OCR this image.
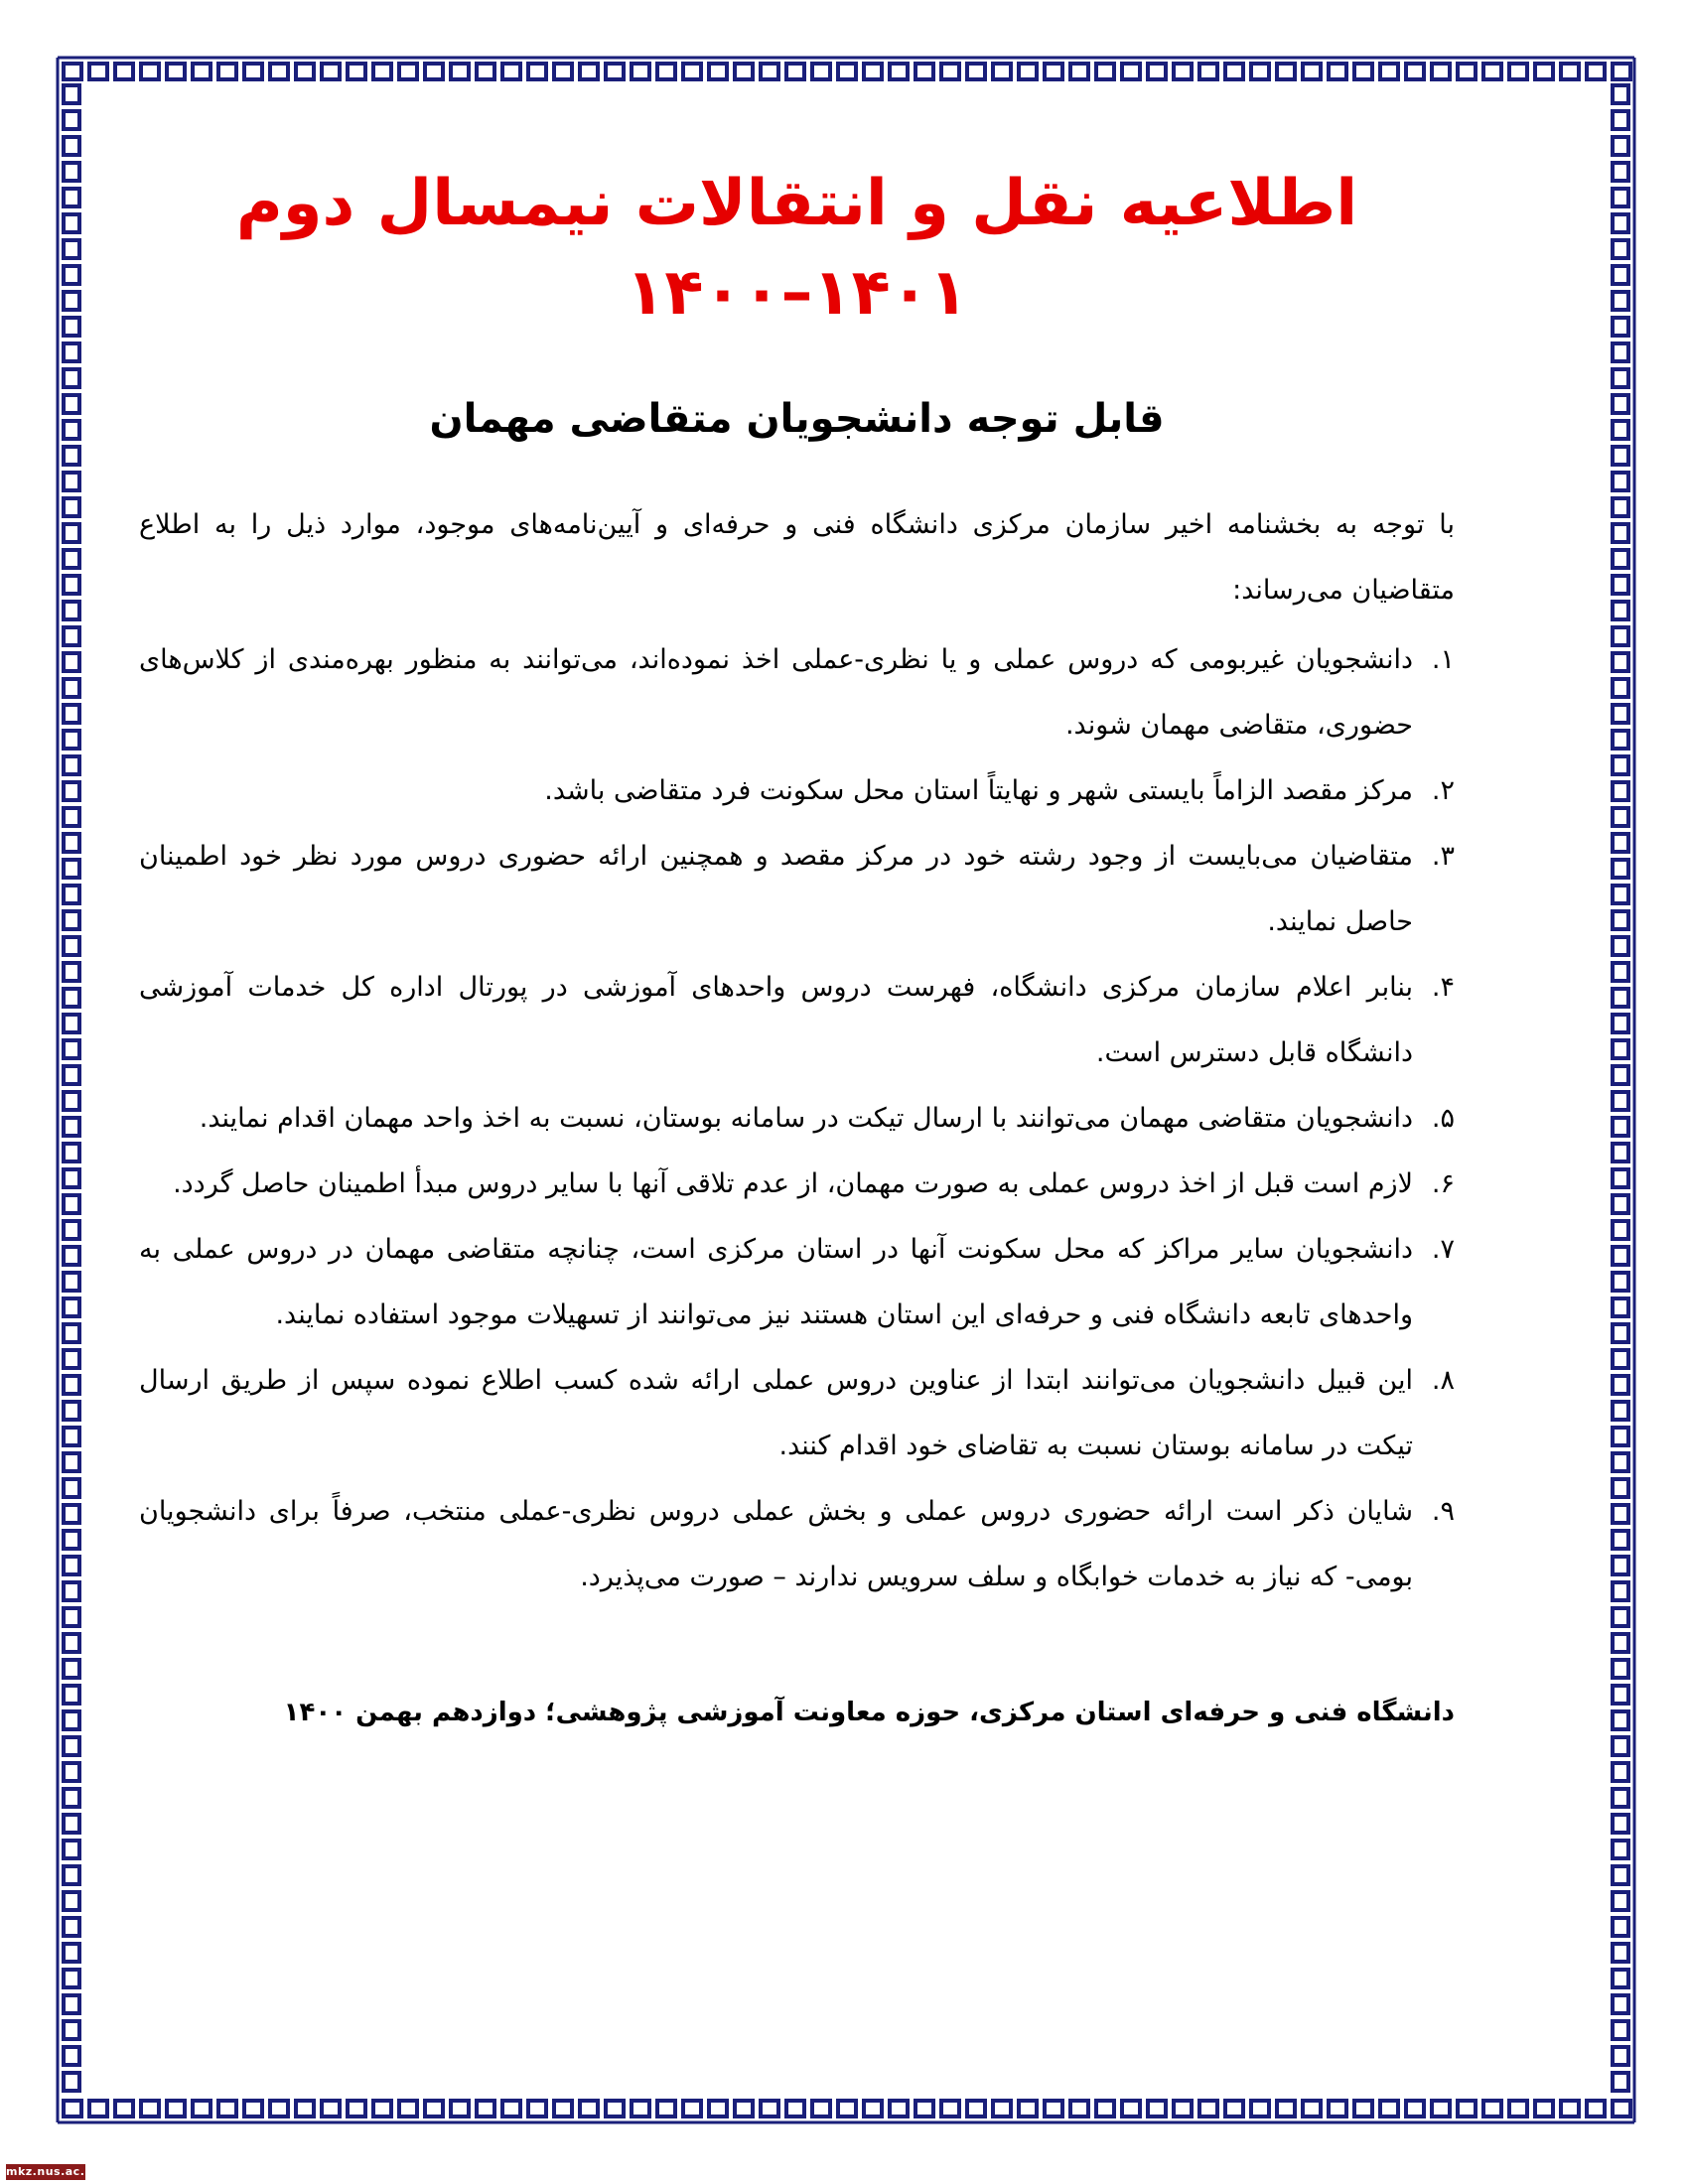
اطلاعیه نقل و انتقالات نیمسال دوم ۱۴۰۱–۱۴۰۰
قابل توجه دانشجویان متقاضی مهمان

با توجه به بخشنامه اخیر سازمان مرکزی دانشگاه فنی و حرفه‌ای و آیین‌نامه‌های موجود، موارد ذیل را به اطلاع متقاضیان می‌رساند:

۱.
دانشجویان غیربومی که دروس عملی و یا نظری-عملی اخذ نموده‌اند، می‌توانند به منظور بهره‌مندی از کلاس‌های حضوری، متقاضی مهمان شوند.
۲.
مرکز مقصد الزاماً بایستی شهر و نهایتاً استان محل سکونت فرد متقاضی باشد.
۳.
متقاضیان می‌بایست از وجود رشته خود در مرکز مقصد و همچنین ارائه حضوری دروس مورد نظر خود اطمینان حاصل نمایند.
۴.
بنابر اعلام سازمان مرکزی دانشگاه، فهرست دروس واحدهای آموزشی در پورتال اداره کل خدمات آموزشی دانشگاه قابل دسترس است.
۵.
دانشجویان متقاضی مهمان می‌توانند با ارسال تیکت در سامانه بوستان، نسبت به اخذ واحد مهمان اقدام نمایند.
۶.
لازم است قبل از اخذ دروس عملی به صورت مهمان، از عدم تلاقی آنها با سایر دروس مبدأ اطمینان حاصل گردد.
۷.
دانشجویان سایر مراکز که محل سکونت آنها در استان مرکزی است، چنانچه متقاضی مهمان در دروس عملی به واحدهای تابعه دانشگاه فنی و حرفه‌ای این استان هستند نیز می‌توانند از تسهیلات موجود استفاده نمایند.
۸.
این قبیل دانشجویان می‌توانند ابتدا از عناوین دروس عملی ارائه شده کسب اطلاع نموده سپس از طریق ارسال تیکت در سامانه بوستان نسبت به تقاضای خود اقدام کنند.
۹.
شایان ذکر است ارائه حضوری دروس عملی و بخش عملی دروس نظری-عملی منتخب، صرفاً برای دانشجویان بومی- که نیاز به خدمات خوابگاه و سلف سرویس ندارند – صورت می‌پذیرد.
دانشگاه فنی و حرفه‌ای استان مرکزی، حوزه معاونت آموزشی پژوهشی؛ دوازدهم بهمن ۱۴۰۰
mkz.nus.ac.ir
